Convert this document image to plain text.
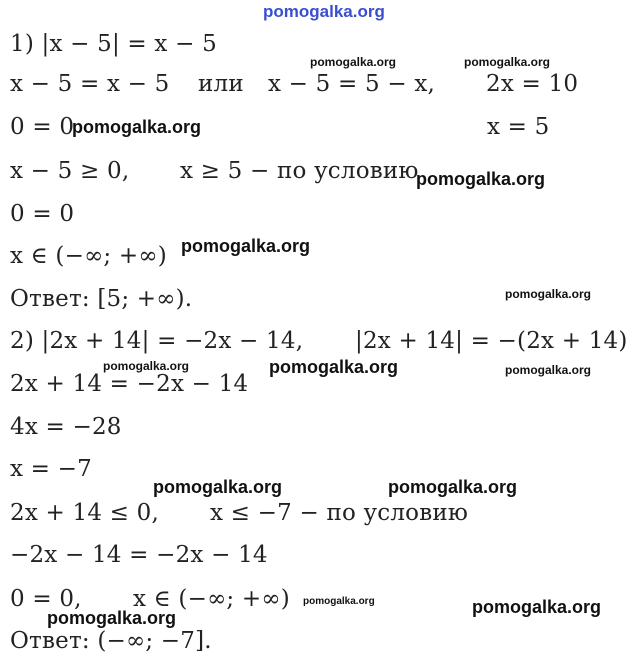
pomogalka.org
1) |x − 5| = x − 5
x − 5 = x − 5 или x − 5 = 5 − x, 2x = 10
0 = 0	x = 5
x − 5 ≥ 0, x ≥ 5 − по условию
0 = 0
x ∈ (−∞; +∞)
Ответ: [5; +∞).
2) |2x + 14| = −2x − 14, |2x + 14| = −(2x + 14)
2x + 14 = −2x − 14
4x = −28
x = −7
2x + 14 ≤ 0, x ≤ −7 − по условию
−2x − 14 = −2x − 14
0 = 0, x ∈ (−∞; +∞)
Ответ: (−∞; −7].
pomogalka.org	pomogalka.org
pomogalka.org
pomogalka.org
pomogalka.org
pomogalka.org
pomogalka.org	pomogalka.org	pomogalka.org
pomogalka.org	pomogalka.org
pomogalka.org	pomogalka.org
pomogalka.org
